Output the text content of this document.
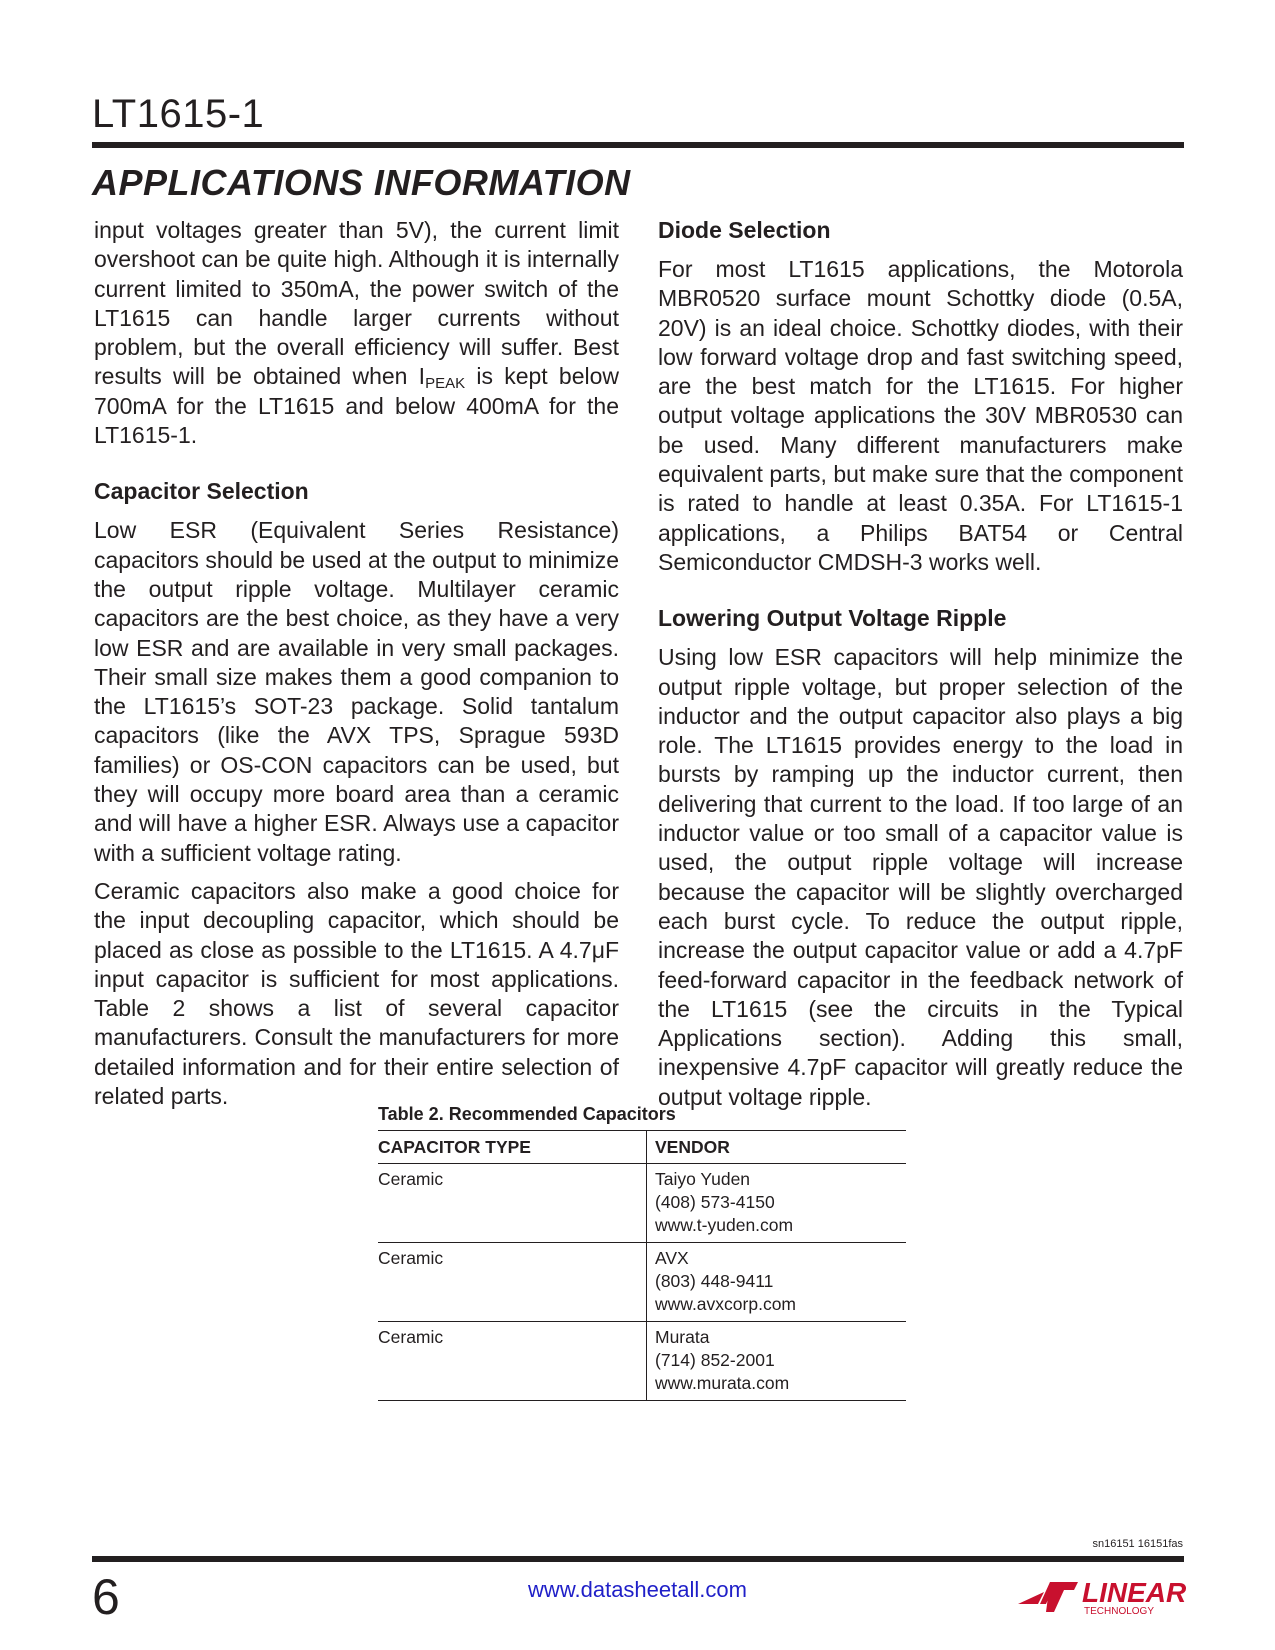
LT1615-1
APPLICATIONS INFORMATION

input voltages greater than 5V), the current limit overshoot can be quite high. Although it is internally current limited to 350mA, the power switch of the LT1615 can handle larger currents without problem, but the overall efficiency will suffer. Best results will be obtained when $I_{PEAK}$ is kept below 700mA for the LT1615 and below 400mA for the LT1615-1.

Capacitor Selection

Low ESR (Equivalent Series Resistance) capacitors should be used at the output to minimize the output ripple voltage. Multilayer ceramic capacitors are the best choice, as they have a very low ESR and are available in very small packages. Their small size makes them a good companion to the LT1615’s SOT-23 package. Solid tantalum capacitors (like the AVX TPS, Sprague 593D families) or OS-CON capacitors can be used, but they will occupy more board area than a ceramic and will have a higher ESR. Always use a capacitor with a sufficient voltage rating.

Ceramic capacitors also make a good choice for the input decoupling capacitor, which should be placed as close as possible to the LT1615. A 4.7μF input capacitor is sufficient for most applications. Table 2 shows a list of several capacitor manufacturers. Consult the manufacturers for more detailed information and for their entire selection of related parts.

Diode Selection

For most LT1615 applications, the Motorola MBR0520 surface mount Schottky diode (0.5A, 20V) is an ideal choice. Schottky diodes, with their low forward voltage drop and fast switching speed, are the best match for the LT1615. For higher output voltage applications the 30V MBR0530 can be used. Many different manufacturers make equivalent parts, but make sure that the component is rated to handle at least 0.35A. For LT1615-1 applications, a Philips BAT54 or Central Semiconductor CMDSH-3 works well.

Lowering Output Voltage Ripple

Using low ESR capacitors will help minimize the output ripple voltage, but proper selection of the inductor and the output capacitor also plays a big role. The LT1615 provides energy to the load in bursts by ramping up the inductor current, then delivering that current to the load. If too large of an inductor value or too small of a capacitor value is used, the output ripple voltage will increase because the capacitor will be slightly overcharged each burst cycle. To reduce the output ripple, increase the output capacitor value or add a 4.7pF feed-forward capacitor in the feedback network of the LT1615 (see the circuits in the Typical Applications section). Adding this small, inexpensive 4.7pF capacitor will greatly reduce the output voltage ripple.

Table 2. Recommended Capacitors
CAPACITOR TYPE	VENDOR
Ceramic	Taiyo Yuden
(408) 573-4150
www.t-yuden.com

Ceramic	AVX
(803) 448-9411
www.avxcorp.com

Ceramic	Murata
(714) 852-2001
www.murata.com
sn16151 16151fas
6	www.datasheetall.com	LINEAR
TECHNOLOGY
